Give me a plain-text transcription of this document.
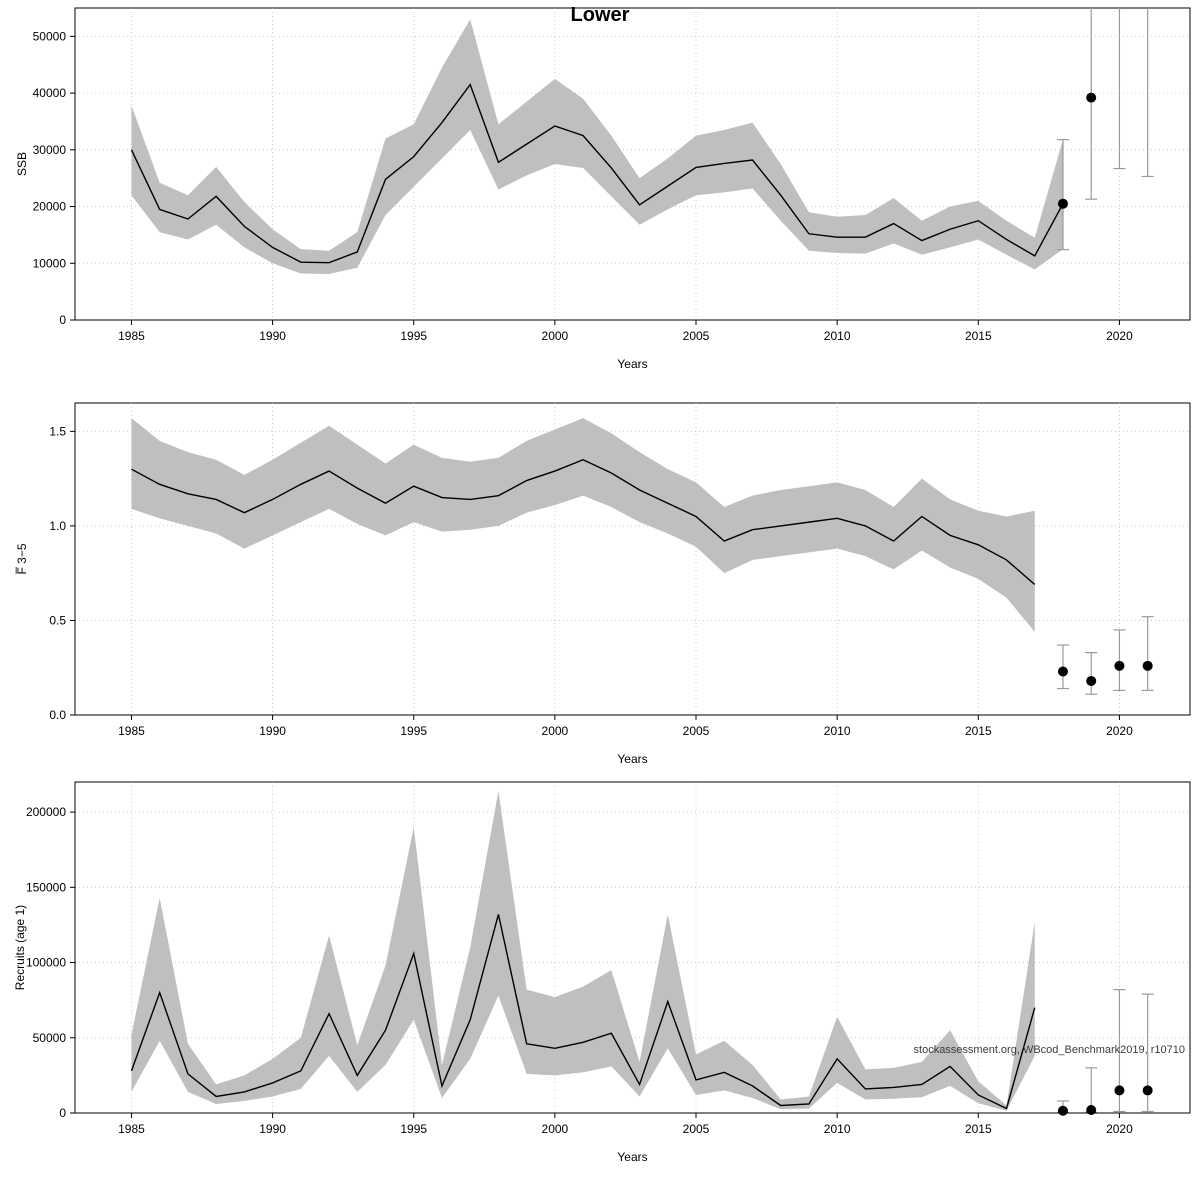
Lower
0
10000
20000
30000
40000
50000
1985	1990	1995	2000	2005	2010	2015	2020
Years
SSB
0.0
0.5
1.0
1.5
1985	1990	1995	2000	2005	2010	2015	2020
Years
F̅ 3−5
0
50000
100000
150000
200000
1985	1990	1995	2000	2005	2010	2015	2020
Years
Recruits (age 1)
stockassessment.org, WBcod_Benchmark2019, r10710
